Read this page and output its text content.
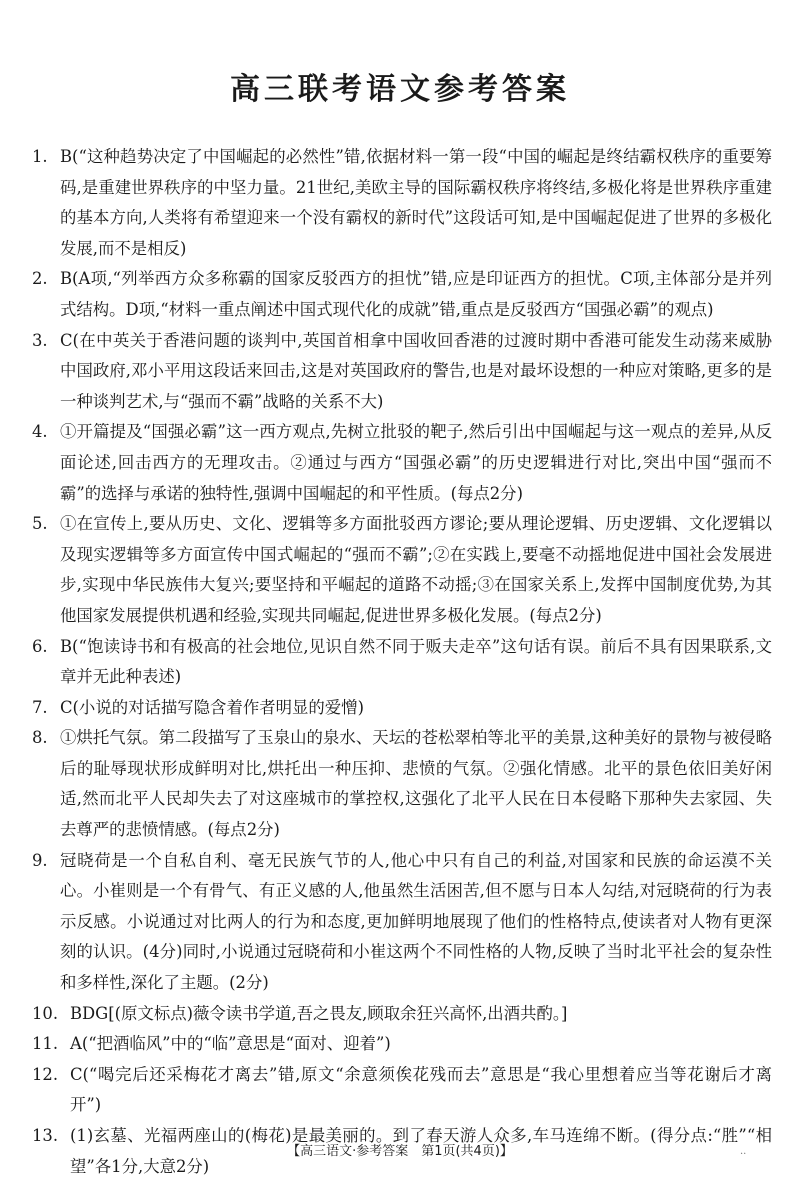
高三联考语文参考答案
1. B(“这种趋势决定了中国崛起的必然性”错,依据材料一第一段“中国的崛起是终结霸权秩序的重要筹码,是重建世界秩序的中坚力量。21世纪,美欧主导的国际霸权秩序将终结,多极化将是世界秩序重建的基本方向,人类将有希望迎来一个没有霸权的新时代”这段话可知,是中国崛起促进了世界的多极化发展,而不是相反)
2. B(A项,“列举西方众多称霸的国家反驳西方的担忧”错,应是印证西方的担忧。C项,主体部分是并列式结构。D项,“材料一重点阐述中国式现代化的成就”错,重点是反驳西方“国强必霸”的观点)
3. C(在中英关于香港问题的谈判中,英国首相拿中国收回香港的过渡时期中香港可能发生动荡来威胁中国政府,邓小平用这段话来回击,这是对英国政府的警告,也是对最坏设想的一种应对策略,更多的是一种谈判艺术,与“强而不霸”战略的关系不大)
4. ①开篇提及“国强必霸”这一西方观点,先树立批驳的靶子,然后引出中国崛起与这一观点的差异,从反面论述,回击西方的无理攻击。②通过与西方“国强必霸”的历史逻辑进行对比,突出中国“强而不霸”的选择与承诺的独特性,强调中国崛起的和平性质。(每点2分)
5. ①在宣传上,要从历史、文化、逻辑等多方面批驳西方谬论;要从理论逻辑、历史逻辑、文化逻辑以及现实逻辑等多方面宣传中国式崛起的“强而不霸”;②在实践上,要毫不动摇地促进中国社会发展进步,实现中华民族伟大复兴;要坚持和平崛起的道路不动摇;③在国家关系上,发挥中国制度优势,为其他国家发展提供机遇和经验,实现共同崛起,促进世界多极化发展。(每点2分)
6. B(“饱读诗书和有极高的社会地位,见识自然不同于贩夫走卒”这句话有误。前后不具有因果联系,文章并无此种表述)
7. C(小说的对话描写隐含着作者明显的爱憎)
8. ①烘托气氛。第二段描写了玉泉山的泉水、天坛的苍松翠柏等北平的美景,这种美好的景物与被侵略后的耻辱现状形成鲜明对比,烘托出一种压抑、悲愤的气氛。②强化情感。北平的景色依旧美好闲适,然而北平人民却失去了对这座城市的掌控权,这强化了北平人民在日本侵略下那种失去家园、失去尊严的悲愤情感。(每点2分)
9. 冠晓荷是一个自私自利、毫无民族气节的人,他心中只有自己的利益,对国家和民族的命运漠不关心。小崔则是一个有骨气、有正义感的人,他虽然生活困苦,但不愿与日本人勾结,对冠晓荷的行为表示反感。小说通过对比两人的行为和态度,更加鲜明地展现了他们的性格特点,使读者对人物有更深刻的认识。(4分)同时,小说通过冠晓荷和小崔这两个不同性格的人物,反映了当时北平社会的复杂性和多样性,深化了主题。(2分)
10. BDG[(原文标点)薇令读书学道,吾之畏友,顾取余狂兴高怀,出酒共酌。]
11. A(“把酒临风”中的“临”意思是“面对、迎着”)
12. C(“喝完后还采梅花才离去”错,原文“余意须俟花残而去”意思是“我心里想着应当等花谢后才离开”)
13. (1)玄墓、光福两座山的(梅花)是最美丽的。到了春天游人众多,车马连绵不断。(得分点:“胜”“相望”各1分,大意2分)
【高三语文·参考答案　第1页(共4页)】	..
